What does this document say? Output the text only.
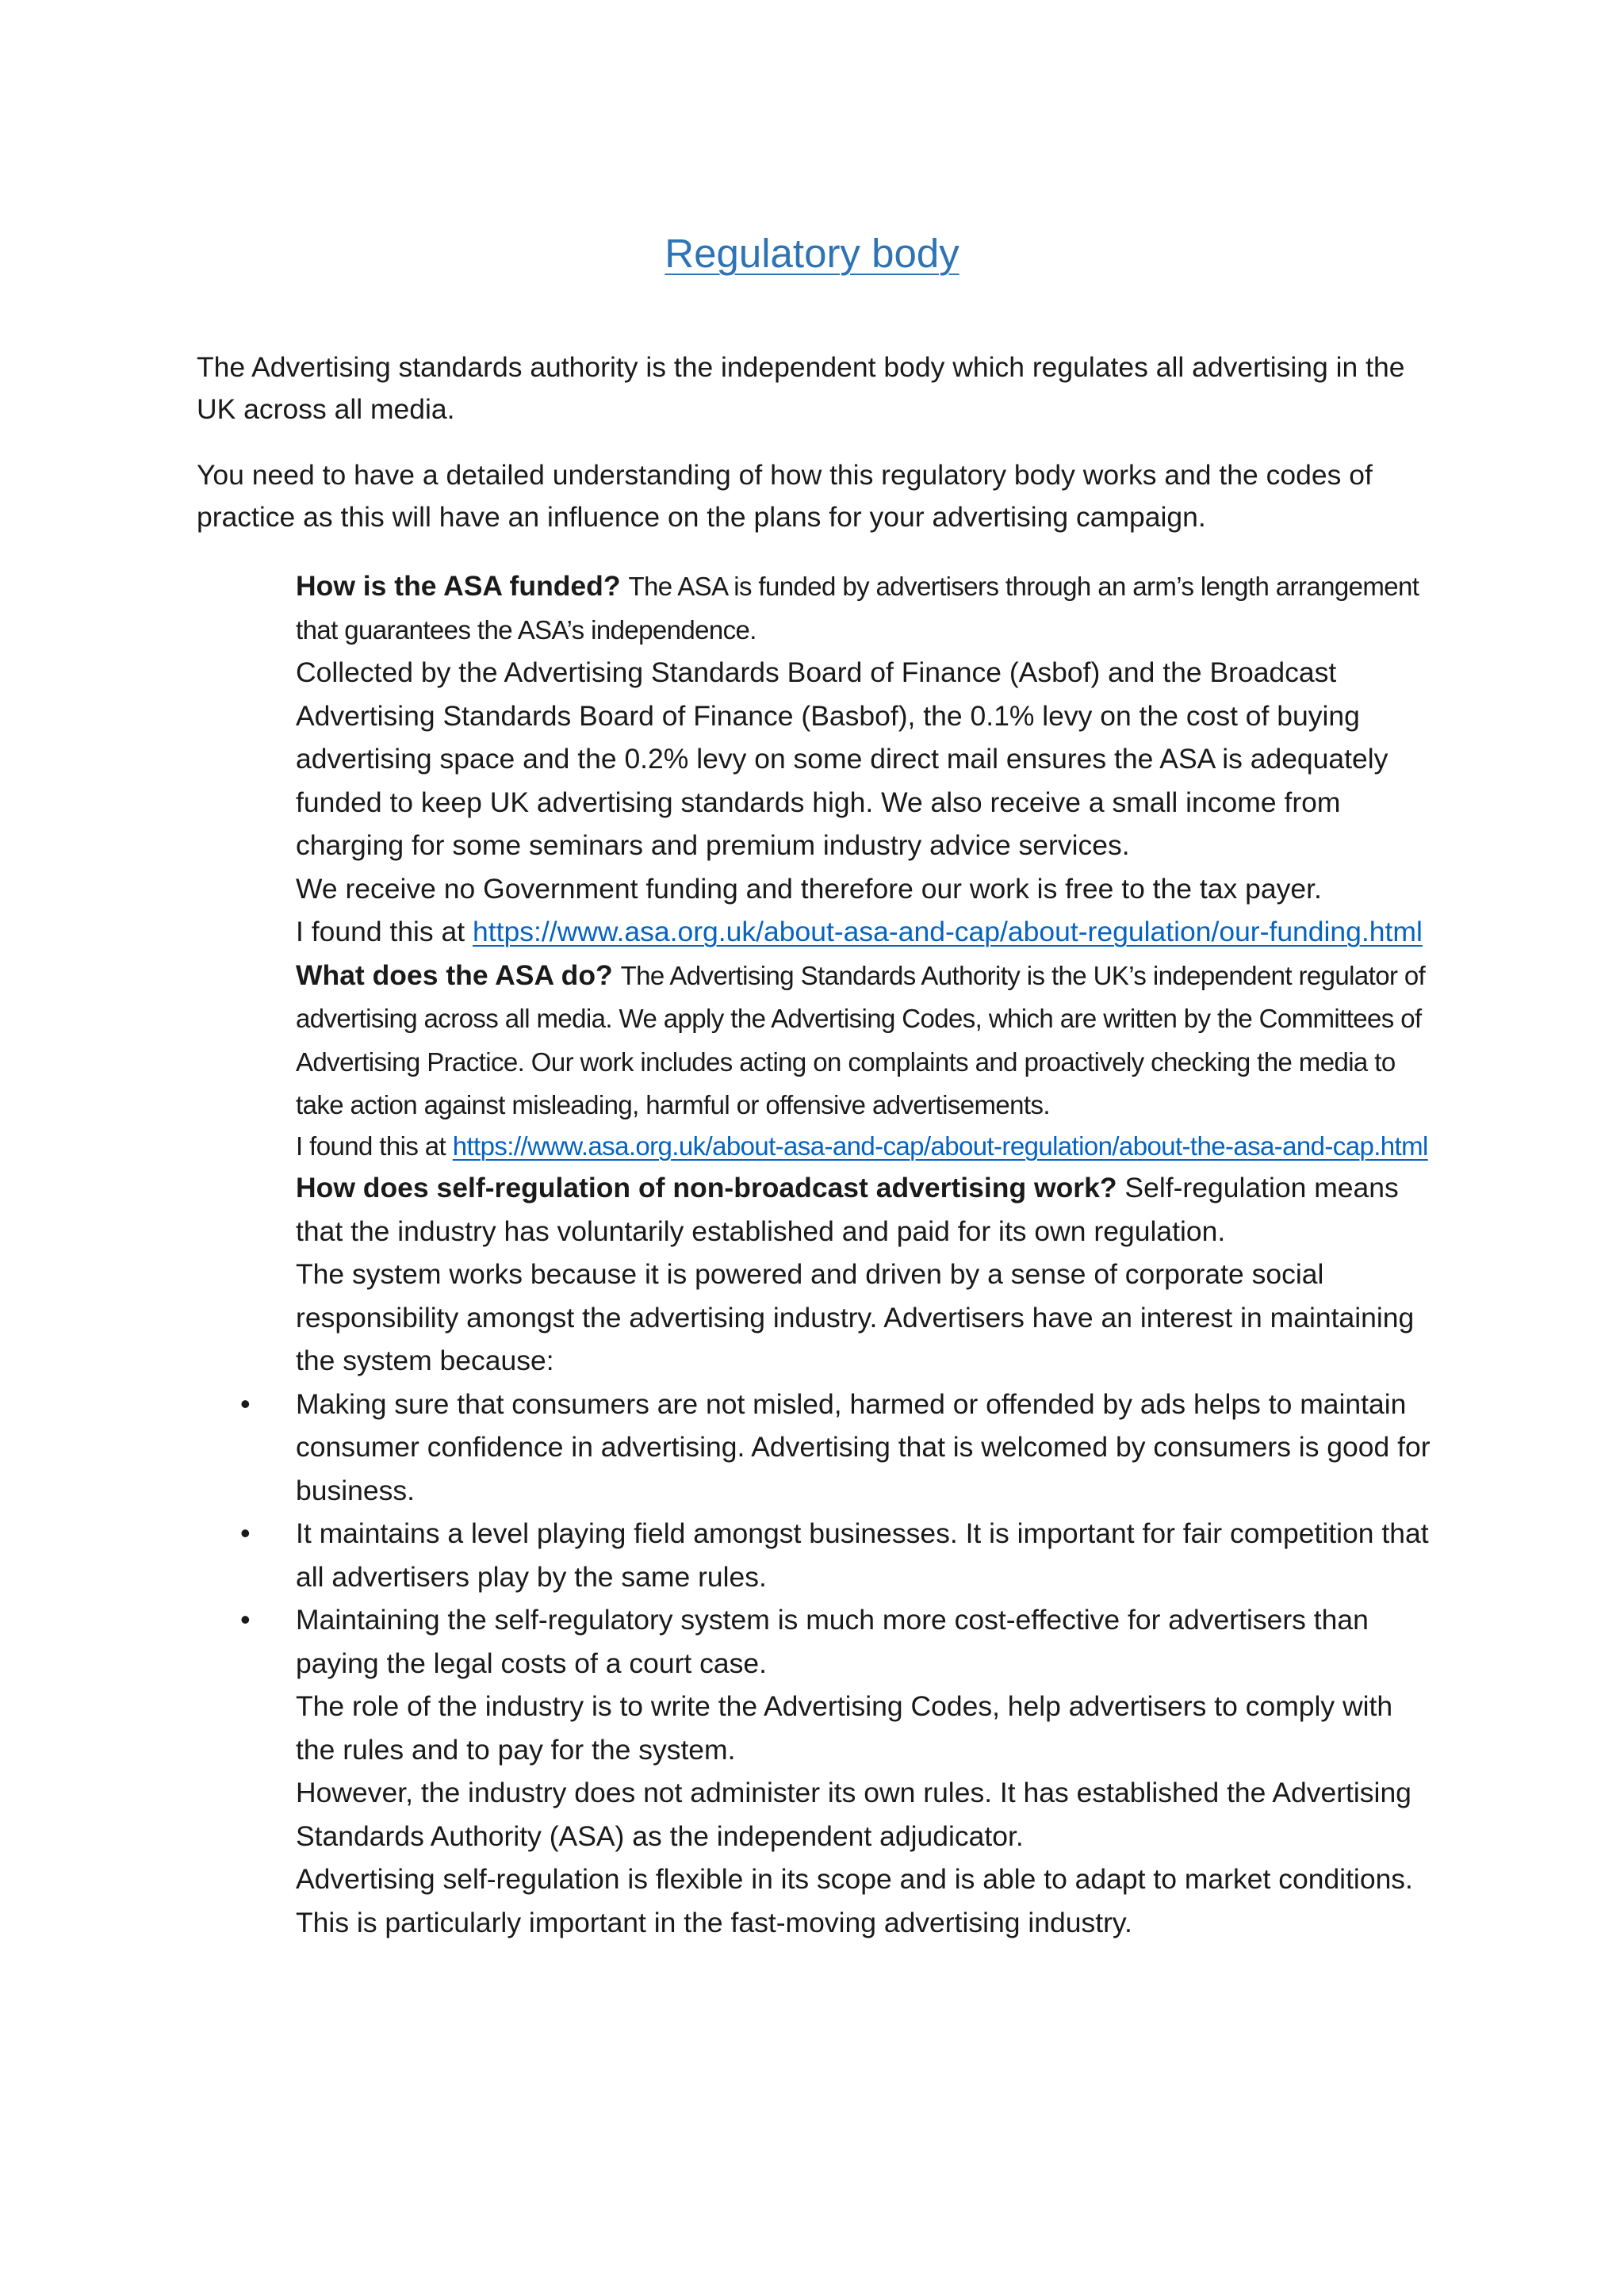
Regulatory body

The Advertising standards authority is the independent body which regulates all advertising in the UK across all media.

You need to have a detailed understanding of how this regulatory body works and the codes of practice as this will have an influence on the plans for your advertising campaign.

How is the ASA funded? The ASA is funded by advertisers through an arm’s length arrangement that guarantees the ASA’s independence.

Collected by the Advertising Standards Board of Finance (Asbof) and the Broadcast Advertising Standards Board of Finance (Basbof), the 0.1% levy on the cost of buying advertising space and the 0.2% levy on some direct mail ensures the ASA is adequately funded to keep UK advertising standards high. We also receive a small income from charging for some seminars and premium industry advice services.

We receive no Government funding and therefore our work is free to the tax payer.

I found this at https://www.asa.org.uk/about-asa-and-cap/about-regulation/our-funding.html

What does the ASA do? The Advertising Standards Authority is the UK’s independent regulator of advertising across all media. We apply the Advertising Codes, which are written by the Committees of Advertising Practice. Our work includes acting on complaints and proactively checking the media to take action against misleading, harmful or offensive advertisements.

I found this at https://www.asa.org.uk/about-asa-and-cap/about-regulation/about-the-asa-and-cap.html

How does self-regulation of non-broadcast advertising work? Self-regulation means that the industry has voluntarily established and paid for its own regulation.

The system works because it is powered and driven by a sense of corporate social responsibility amongst the advertising industry. Advertisers have an interest in maintaining the system because:

• Making sure that consumers are not misled, harmed or offended by ads helps to maintain consumer confidence in advertising. Advertising that is welcomed by consumers is good for business.
• It maintains a level playing field amongst businesses. It is important for fair competition that all advertisers play by the same rules.
• Maintaining the self-regulatory system is much more cost-effective for advertisers than paying the legal costs of a court case.

The role of the industry is to write the Advertising Codes, help advertisers to comply with the rules and to pay for the system.

However, the industry does not administer its own rules. It has established the Advertising Standards Authority (ASA) as the independent adjudicator.

Advertising self-regulation is flexible in its scope and is able to adapt to market conditions. This is particularly important in the fast-moving advertising industry.
